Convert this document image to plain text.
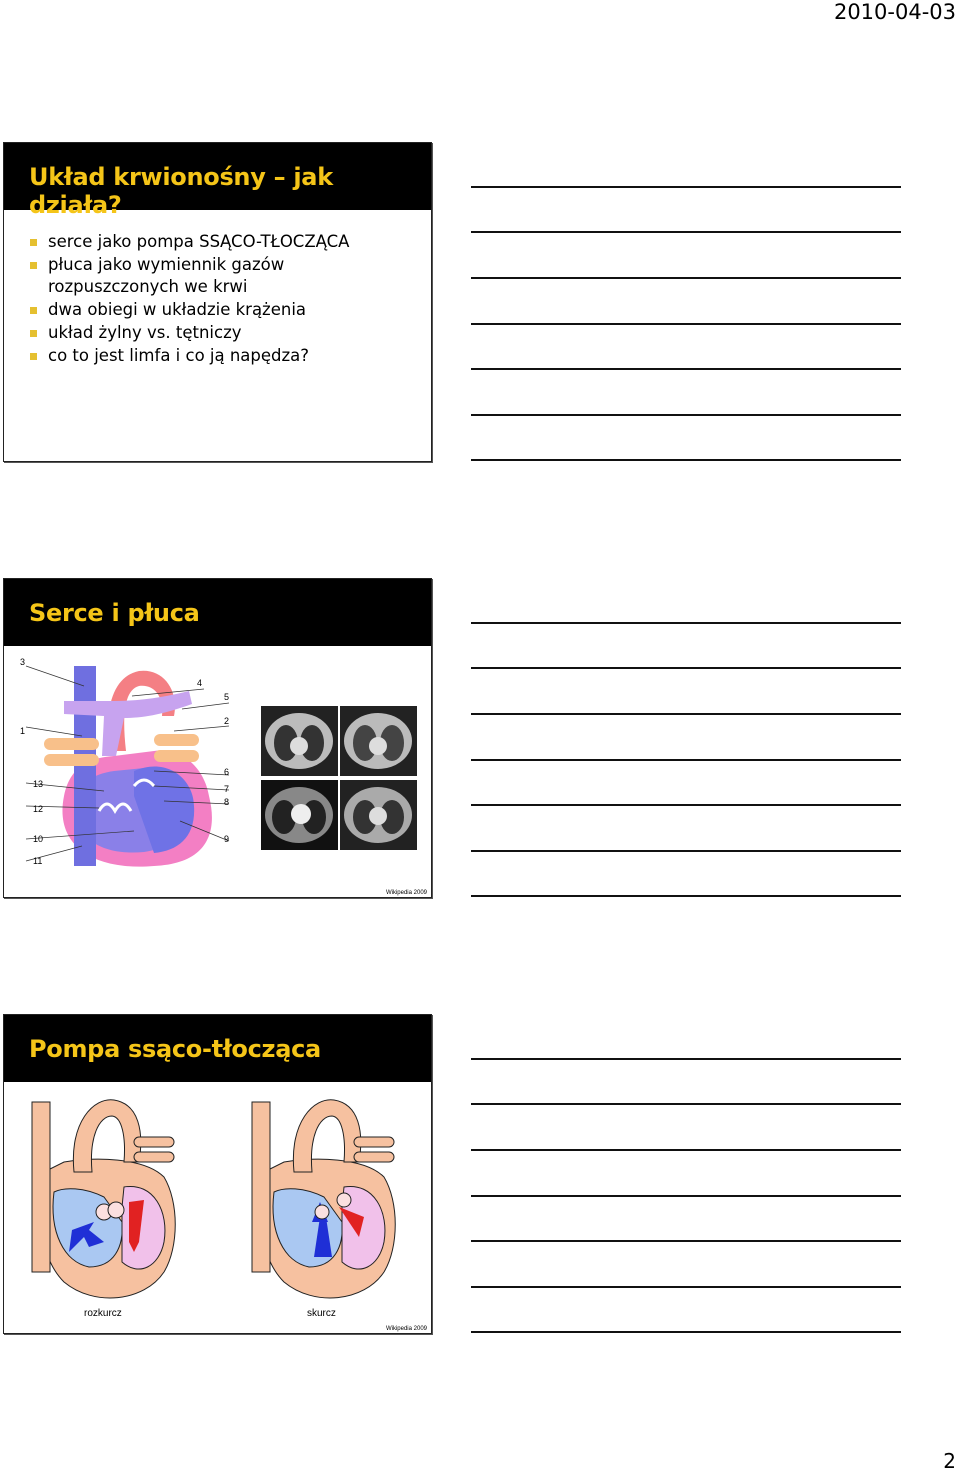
2010-04-03
Układ krwionośny – jak działa?
serce jako pompa SSĄCO-TŁOCZĄCA
płuca jako wymiennik gazów rozpuszczonych we krwi
dwa obiegi w układzie krążenia
układ żylny vs. tętniczy
co to jest limfa i co ją napędza?
Serce i płuca
3
4
5
1
2
13
6
7
12
8
10	9
11
Wikipedia 2009
Pompa ssąco-tłocząca
rozkurcz	skurcz
Wikipedia 2009
2
